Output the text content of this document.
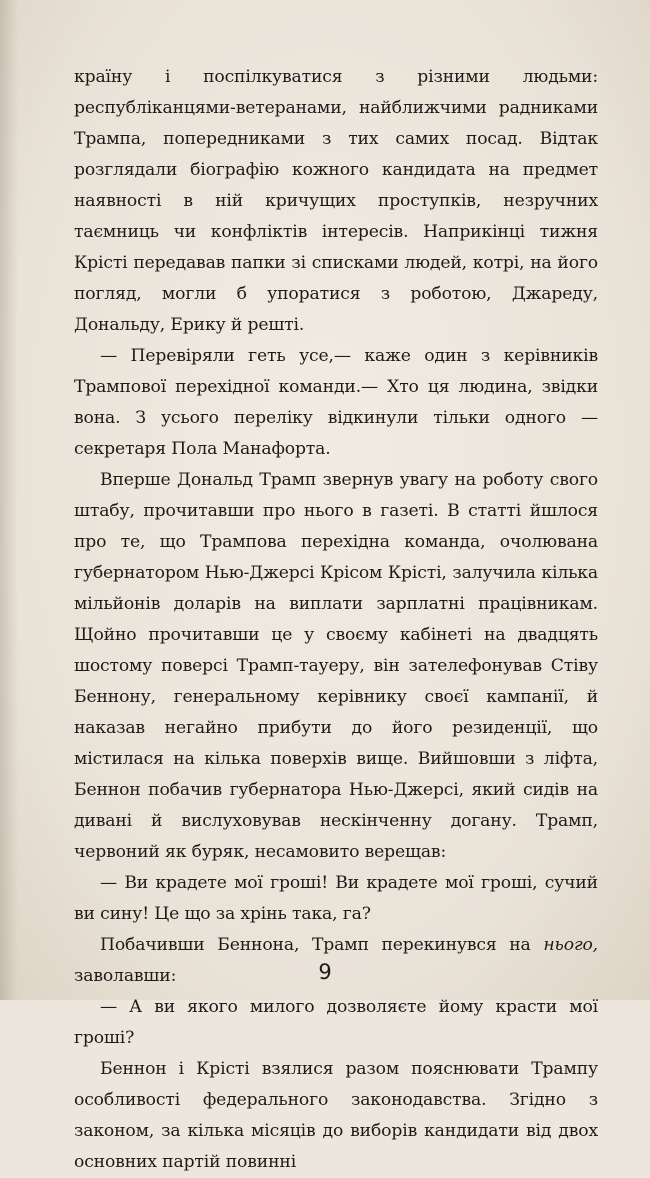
країну і поспілкуватися з різними людьми: республіканцями-ветеранами, найближчими радниками Трампа, попередниками з тих самих посад. Відтак розглядали біографію кожного кандидата на предмет наявності в ній кричущих проступків, незручних таємниць чи конфліктів інтересів. Наприкінці тижня Крісті передавав папки зі списками людей, котрі, на його погляд, могли б упоратися з роботою, Джареду, Дональду, Ерику й решті.

— Перевіряли геть усе,— каже один з керівників Трампової перехідної команди.— Хто ця людина, звідки вона. З усього переліку відкинули тільки одного — секретаря Пола Манафорта.

Вперше Дональд Трамп звернув увагу на роботу свого штабу, прочитавши про нього в газеті. В статті йшлося про те, що Трампова перехідна команда, очолювана губернатором Нью-Джерсі Крісом Крісті, залучила кілька мільйонів доларів на виплати зарплатні працівникам. Щойно прочитавши це у своєму кабінеті на двадцять шостому поверсі Трамп-тауеру, він зателефонував Стіву Беннону, генеральному керівнику своєї кампанії, й наказав негайно прибути до його резиденції, що містилася на кілька поверхів вище. Вийшовши з ліфта, Беннон побачив губернатора Нью-Джерсі, який сидів на дивані й вислуховував нескінченну догану. Трамп, червоний як буряк, несамовито верещав:

— Ви крадете мої гроші! Ви крадете мої гроші, сучий ви сину! Це що за хрінь така, га?

Побачивши Беннона, Трамп перекинувся на нього, заволавши:

— А ви якого милого дозволяєте йому красти мої гроші?

Беннон і Крісті взялися разом пояснювати Трампу особливості федерального законодавства. Згідно з законом, за кілька місяців до виборів кандидати від двох основних партій повинні

9
